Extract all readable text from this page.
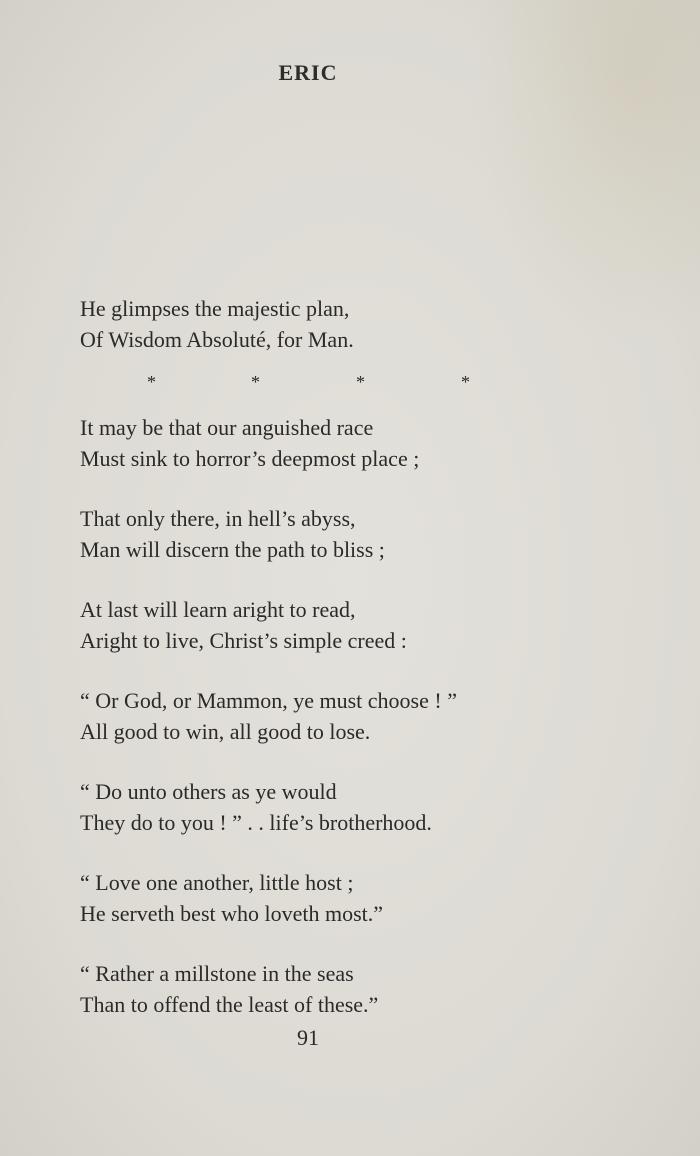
ERIC
He glimpses the majestic plan,
Of Wisdom Absoluté, for Man.
*	*	*	*
It may be that our anguished race
Must sink to horror’s deepmost place ;
That only there, in hell’s abyss,
Man will discern the path to bliss ;
At last will learn aright to read,
Aright to live, Christ’s simple creed :
“ Or God, or Mammon, ye must choose ! ”
All good to win, all good to lose.
“ Do unto others as ye would
They do to you ! ” . . life’s brotherhood.
“ Love one another, little host ;
He serveth best who loveth most.”
“ Rather a millstone in the seas
Than to offend the least of these.”
91
